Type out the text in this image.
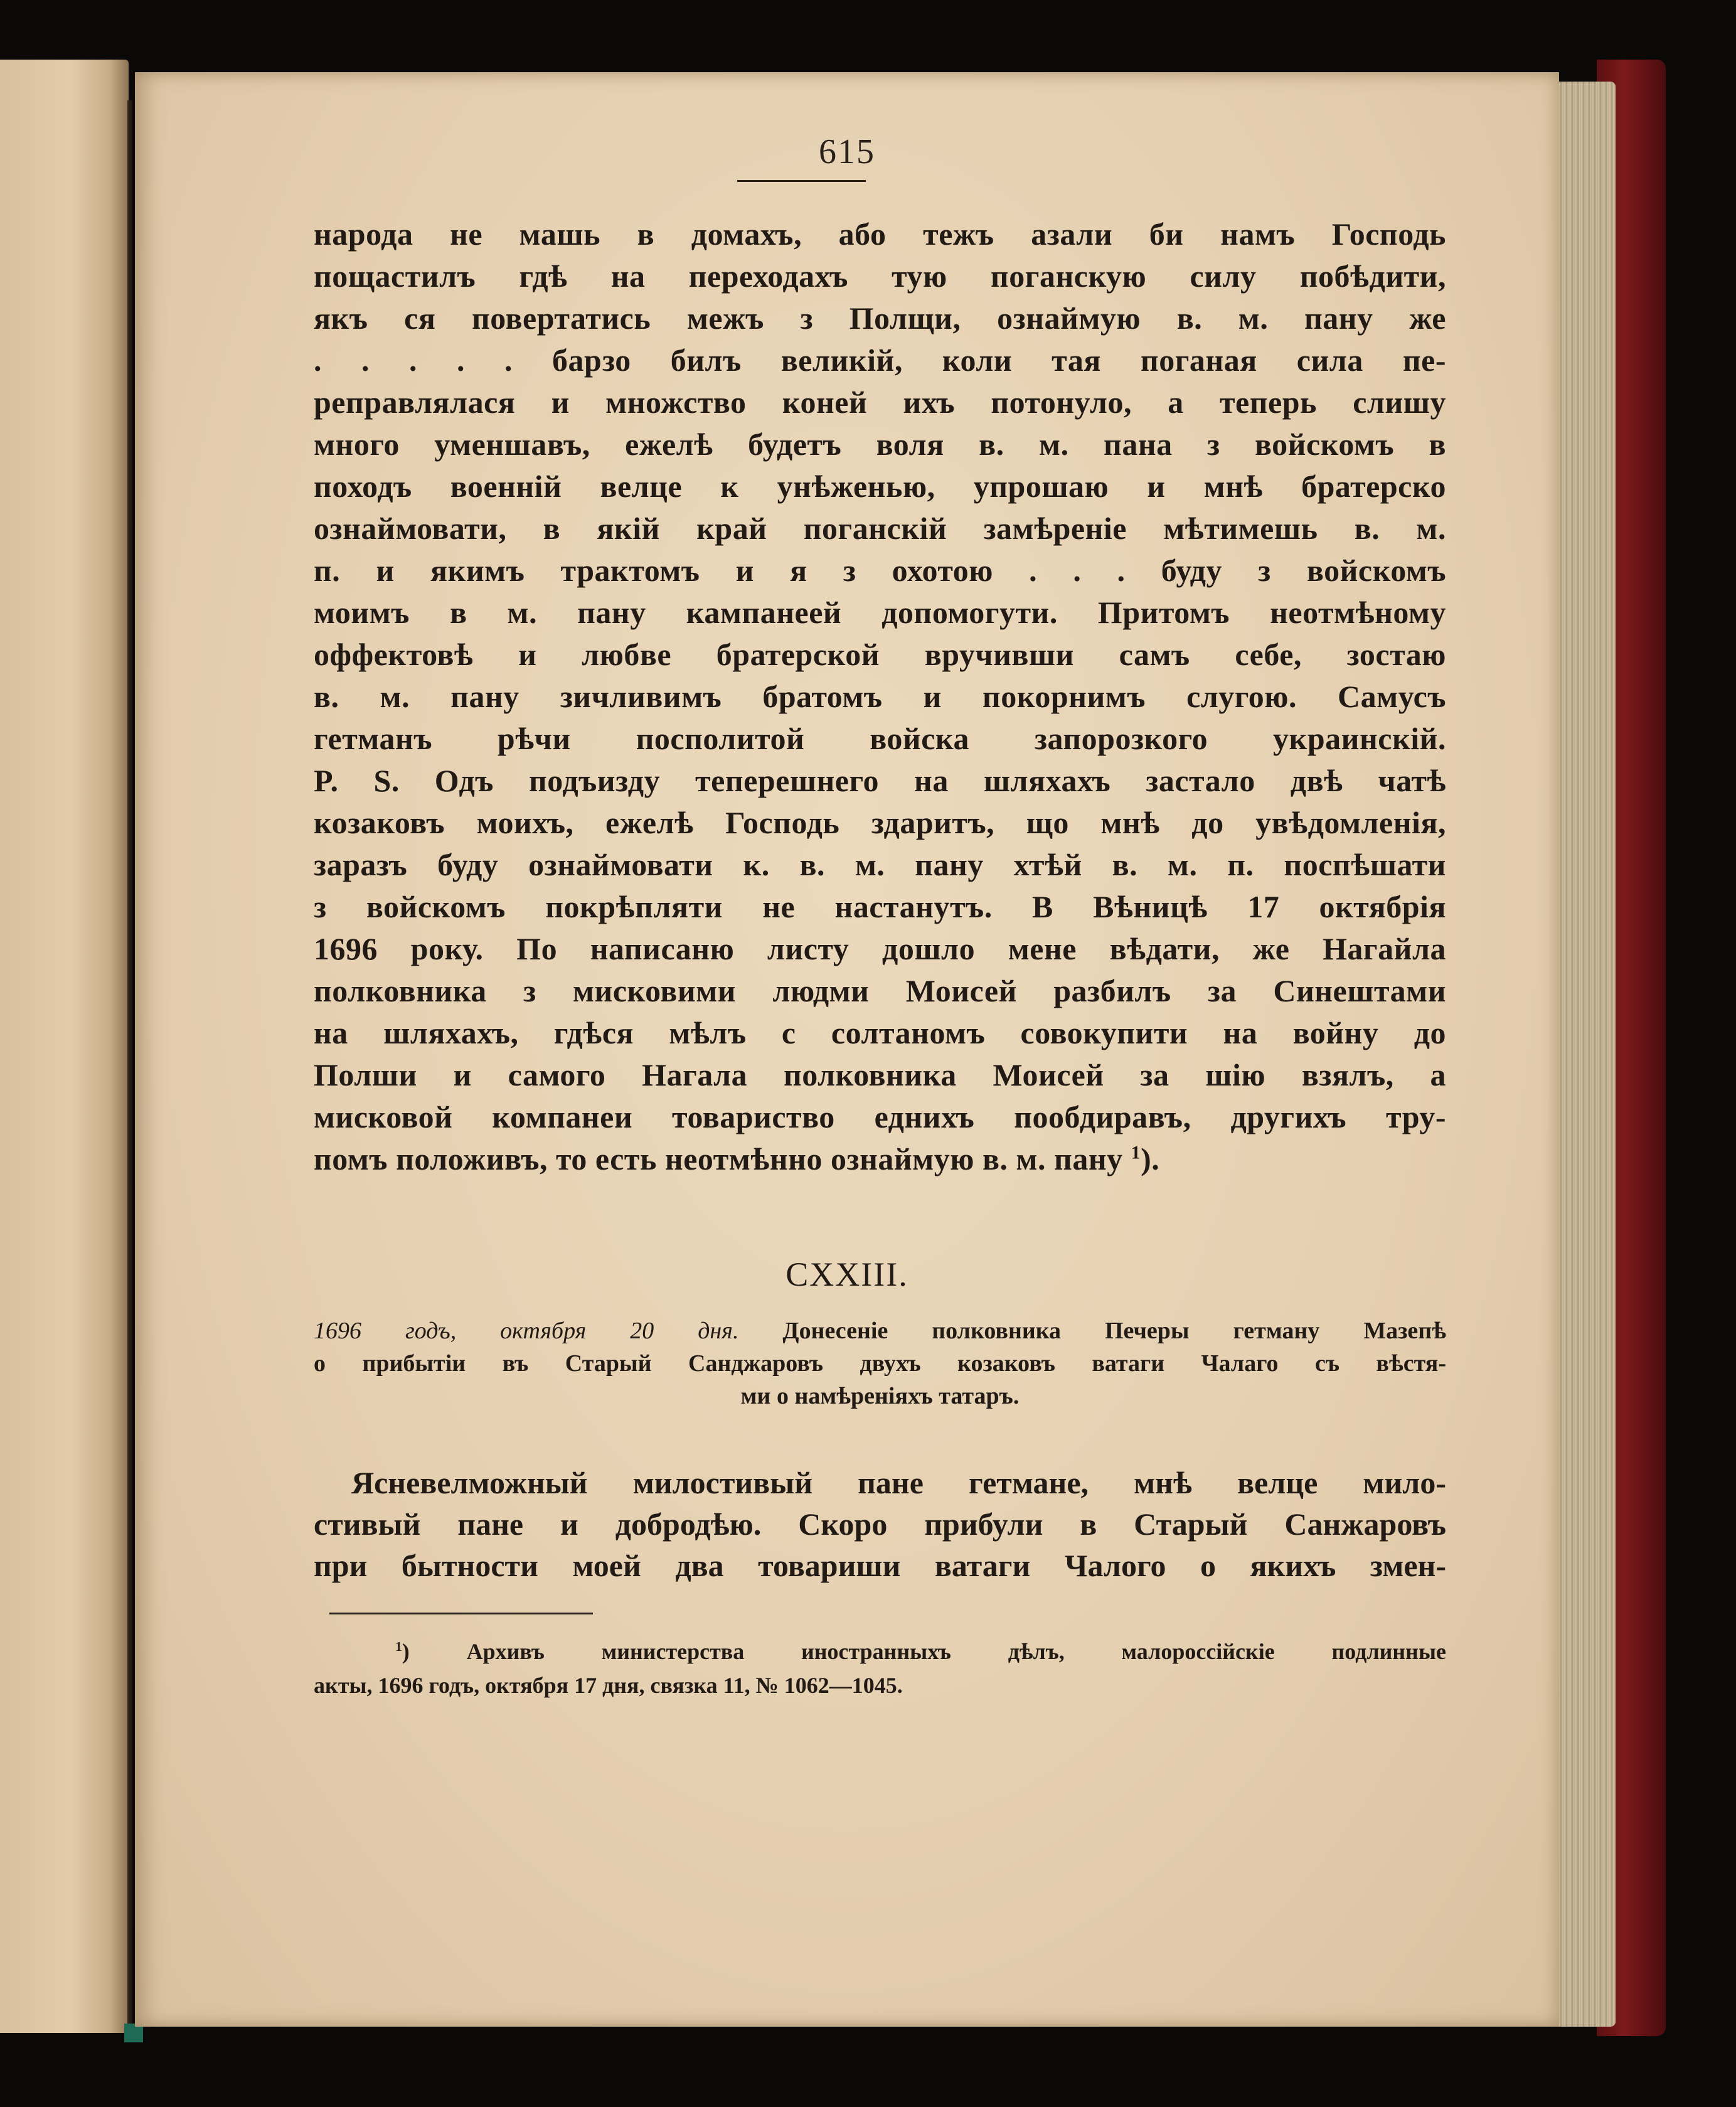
615
народа не машь в домахъ, або тежъ азали би намъ Господь
пощастилъ гдѣ на переходахъ тую поганскую силу побѣдити,
якъ ся повертатись межъ з Полщи, ознаймую в. м. пану же
. . . . . барзо билъ великій, коли тая поганая сила пе-
реправлялася и множство коней ихъ потонуло, а теперь слишу
много уменшавъ, ежелѣ будетъ воля в. м. пана з войскомъ в
походъ военній велце к унѣженью, упрошаю и мнѣ братерско
ознаймовати, в якій край поганскій замѣреніе мѣтимешь в. м.
п. и якимъ трактомъ и я з охотою . . . буду з войскомъ
моимъ в м. пану кампанеей допомогути. Притомъ неотмѣному
оффектовѣ и любве братерской вручивши самъ себе, зостаю
в. м. пану зичливимъ братомъ и покорнимъ слугою. Самусъ
гетманъ рѣчи посполитой войска запорозкого украинскій.
P. S. Одъ подъизду теперешнего на шляхахъ застало двѣ чатѣ
козаковъ моихъ, ежелѣ Господь здаритъ, що мнѣ до увѣдомленія,
заразъ буду ознаймовати к. в. м. пану хтѣй в. м. п. поспѣшати
з войскомъ покрѣпляти не настанутъ. В Вѣницѣ 17 октябрія
1696 року. По написаню листу дошло мене вѣдати, же Нагайла
полковника з мисковими людми Моисей разбилъ за Синештами
на шляхахъ, гдѣся мѣлъ с солтаномъ совокупити на войну до
Полши и самого Нагала полковника Моисей за шію взялъ, а
мисковой компанеи товариство еднихъ пообдиравъ, другихъ тру-
помъ положивъ, то есть неотмѣнно ознаймую в. м. пану $^1$).
CXXIII.
1696 годъ, октября 20 дня. Донесеніе полковника Печеры гетману Мазепѣ
о прибытіи въ Старый Санджаровъ двухъ козаковъ ватаги Чалаго съ вѣстя-
ми о намѣреніяхъ татаръ.
Ясневелможный милостивый пане гетмане, мнѣ велце мило-
стивый пане и добродѣю. Скоро прибули в Старый Санжаровъ
при бытности моей два товариши ватаги Чалого о якихъ змен-
$^1$) Архивъ министерства иностранныхъ дѣлъ, малороссійскіе подлинные
акты, 1696 годъ, октября 17 дня, связка 11, № 1062—1045.
